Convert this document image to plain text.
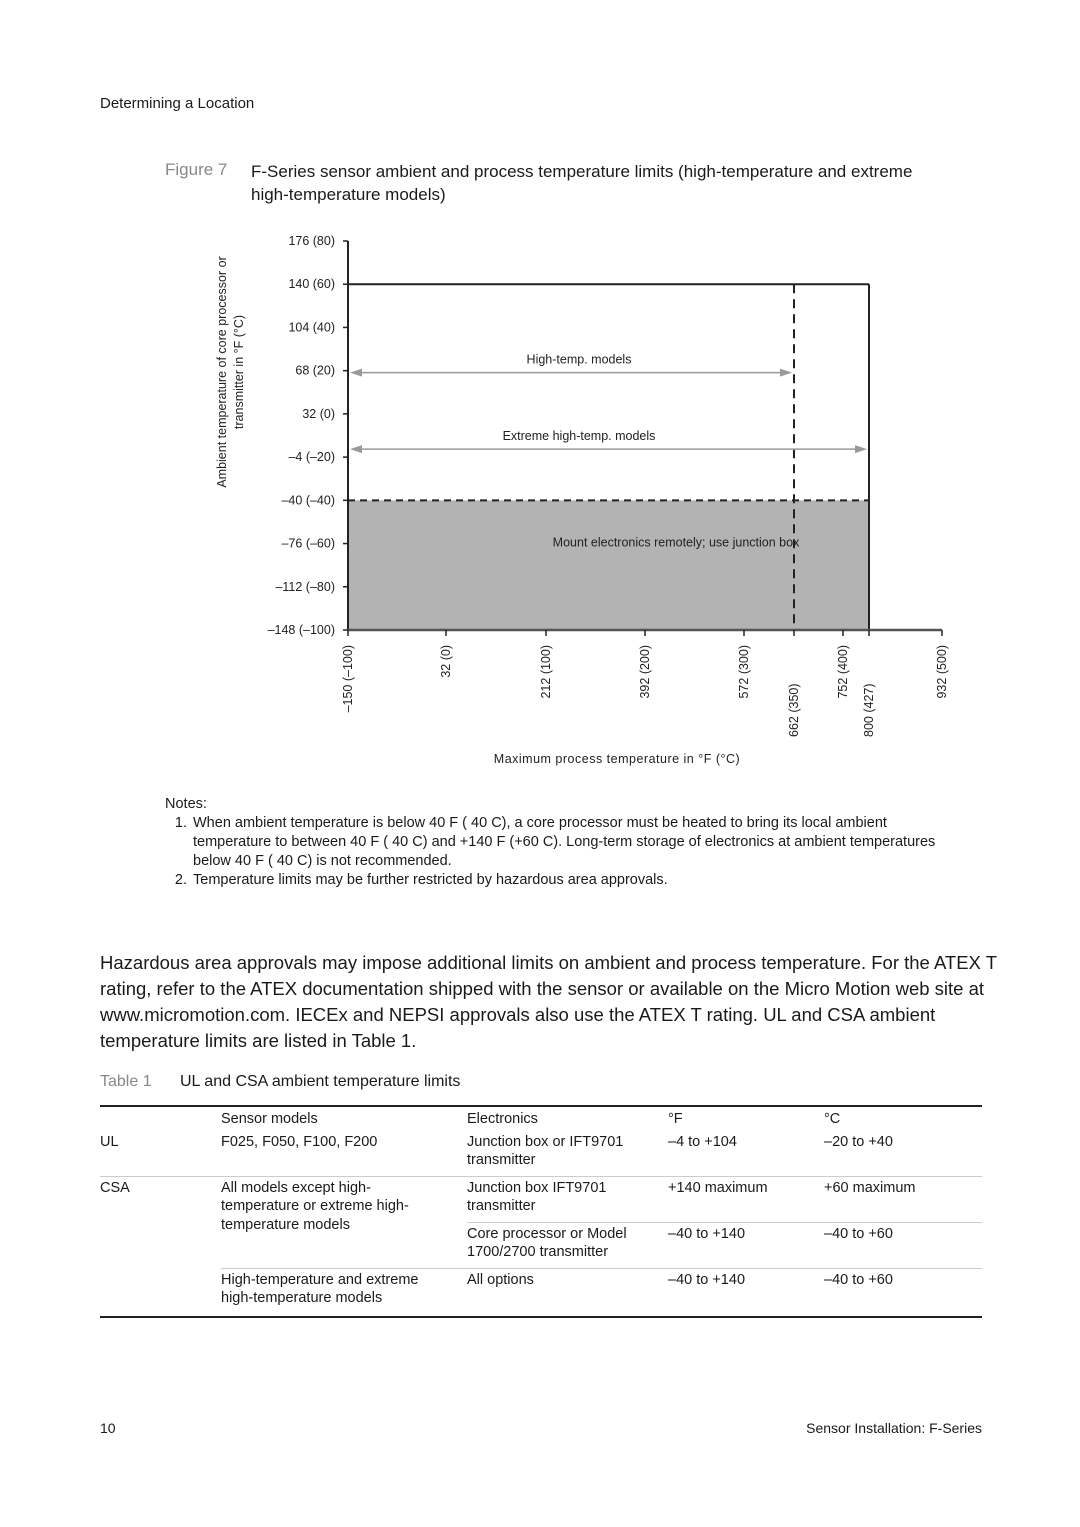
Determining a Location
Figure 7 F-Series sensor ambient and process temperature limits (high-temperature and extreme high-temperature models)
Ambient temperature of core processor or transmitter in °F (°C)
176 (80)
140 (60)
104 (40)
68 (20)
32 (0)
–4 (–20)
–40 (–40)
–76 (–60)
–112 (–80)
–148 (–100)
–150 (–100)	32 (0)	212 (100)	392 (200)	572 (300)
662 (350)
752 (400)
800 (427)
932 (500)
High-temp. models
Extreme high-temp. models
Mount electronics remotely; use junction box
Maximum process temperature in °F (°C)
Notes:
1. When ambient temperature is below 40 F ( 40 C), a core processor must be heated to bring its local ambient temperature to between 40 F ( 40 C) and +140 F (+60 C). Long-term storage of electronics at ambient temperatures below 40 F ( 40 C) is not recommended.
2. Temperature limits may be further restricted by hazardous area approvals.
Hazardous area approvals may impose additional limits on ambient and process temperature. For the ATEX T rating, refer to the ATEX documentation shipped with the sensor or available on the Micro Motion web site at www.micromotion.com. IECEx and NEPSI approvals also use the ATEX T rating. UL and CSA ambient temperature limits are listed in Table 1.
Table 1 UL and CSA ambient temperature limits
	Sensor models	Electronics	°F	°C
UL	F025, F050, F100, F200	Junction box or IFT9701 transmitter	–4 to +104	–20 to +40
CSA	All models except high-temperature or extreme high-temperature models	Junction box IFT9701 transmitter	+140 maximum	+60 maximum
		Core processor or Model 1700/2700 transmitter	–40 to +140	–40 to +60
	High-temperature and extreme high-temperature models	All options	–40 to +140	–40 to +60
10	Sensor Installation: F-Series
